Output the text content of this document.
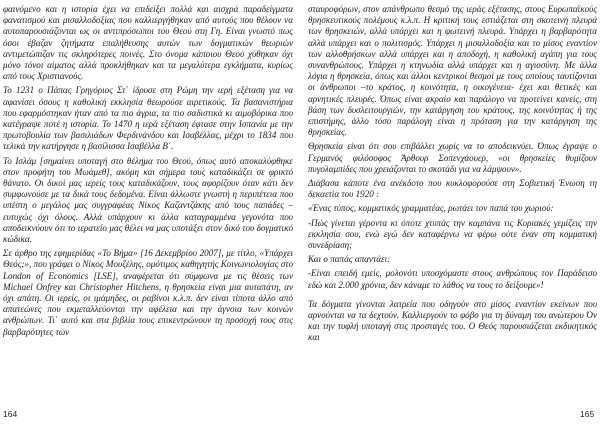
φαινόμενο και η ιστορία έχει να επιδείξει πολλά και αισχρά παραδείγματα φανατισμού και μισαλλοδοξίας που καλλιεργήθηκαν από αυτούς που θέλουν να αυτοπαρουσιάζονται ως οι αντιπρόσωποι του Θεού στη Γη. Είναι γνωστό πως όσοι έβαζαν ζητήματα επαλήθευσης αυτών των δογματικών θεωριών αντιμετώπιζαν τις σκληρότερες ποινές. Στο όνομα κάποιου Θεού χύθηκαν όχι μόνο τόνοι αίματος αλλά προκλήθηκαν και τα μεγαλύτερα εγκλήματα, κυρίως από τους Χριστιανούς.

Το 1231 ο Πάπας Γρηγόριος Στ΄ ίδρυσε στη Ρώμη την ιερή εξέταση για να αφανίσει όσους η καθολική εκκλησία θεωρούσε αιρετικούς. Τα βασανιστήρια που εφαρμόστηκαν ήταν από τα πιο άγρια, τα πιο σαδιστικά κι αιμοβόρικα που κατέγραψε ποτέ η ιστορία. Το 1470 η ιερά εξέταση έφτασε στην Ισπανία με την πρωτοβουλία των βασιλιάδων Φερδινάνδου και Ισαβέλλας, μέχρι το 1834 που τελικά την κατήργησε η βασίλισσα Ισαβέλλα Β΄.

Το Ισλάμ [σημαίνει υποταγή στο θέλημα του Θεού, όπως αυτό αποκαλύφθηκε στον προφήτη του Μωάμεθ], ακόμη και σήμερα τους καταδικάζει σε φρικτό θάνατο. Οι δικοί μας ιερείς τους καταδικάζουν, τους αφορίζουν όταν κάτι δεν συμφωνούσε με τα δικά τους δεδομένα. Είναι άλλωστε γνωστή η περιπέτεια που υπέστη ο μεγάλος μας συγγραφέας Νίκος Καζαντζάκης από τους παπάδες –ευτυχώς όχι όλους. Αλλά υπάρχουν κι άλλα καταγραμμένα γεγονότα που αποδεικνύουν ότι το ιερατείο μας θέλει να μας υποτάξει στον δικό του δογματικό κώδικα.

Σε άρθρο της εφημερίδας «Το Βήμα» [16 Δεκεμβρίου 2007], με τίτλο, «Υπάρχει Θεός;», που γράφει ο Νίκος Μουζέλης, ομότιμος καθηγητής Κοινωνιολογίας στο London of Economics [LSE], αναφέρεται ότι σύμφωνα με τις θέσεις των Michael Onfrey και Christopher Hitchens, η θρησκεία είναι μια αυταπάτη, αν όχι απάτη. Οι ιερείς, οι ιμάμηδες, οι ραβίνοι κ.λ.π. δεν είναι τίποτα άλλο από απατεώνες που εκμεταλλεύονται την αφέλεια και την άγνοια των κοινών ανθρώπων. Τι΄ αυτό και στα βιβλία τους επικεντρώνουν τη προσοχή τους στις βαρβαρότητες των

164

σταυροφόρων, στον απάνθρωπο θεσμό της ιεράς εξέτασης, στους Ευρωπαϊκούς θρησκευτικούς πολέμους κ.λ.π. Η κριτική τους εστιάζεται στη σκοτεινή πλευρά των θρησκειών, αλλά υπάρχει και η φωτεινή πλευρά. Υπάρχει η βαρβαρότητα αλλά υπάρχει και ο πολιτισμός. Υπάρχει η μισαλλοδοξία και το μίσος εναντίον των αλλοθρήσκων αλλά υπάρχει και η αποδοχή, η καθολική αγάπη για τους συνανθρώπους. Υπάρχει η κτηνωδία αλλά υπάρχει και η αγιοσύνη. Με άλλα λόγια η θρησκεία, όπως και άλλοι κεντρικοί θεσμοί με τους οποίους ταυτίζονται οι άνθρωποι –το κράτος, η κοινότητα, η οικογένεια- έχει και θετικές και αρνητικές πλευρές. Όπως είναι ακραίο και παράλογο να προτείνει κανείς, στη βάση των δυσλειτουργιών, την κατάργηση του κράτους, της κοινότητας ή της επιστήμης, άλλο τόσο παράλογη είναι η πρόταση για την κατάργηση της θρησκείας.

Θρησκεία είναι ότι σου επιβάλλει χωρίς να το αποδεικνύει. Όπως έγραψε ο Γερμανός φιλόσοφος Άρθουρ Σοπενχάουερ, «οι θρησκείες θυμίζουν πυγολαμπίδες που χρειάζονται το σκοτάδι για να λάμψουν».

Διάβασα κάποτε ένα ανέκδοτο που κυκλοφορούσε στη Σοβιετική Ένωση τη δεκαετία του 1920 :

«Ένας τύπος, κομματικός γραμματέας, ρωτάει τον παπά του χωριού:

-Πώς γίνεται γέροντα κι όποτε χτυπάς την καμπάνα τις Κυριακές γεμίζεις την εκκλησία σου, ενώ εγώ δεν καταφέρνω να φέρω ούτε έναν στη κομματική συνεδρίαση;

Και ο παπάς απαντάει:

-Είναι επειδή εμείς, μολονότι υποσχόμαστε στους ανθρώπους τον Παράδεισο εδώ και 2.000 χρόνια, δεν κάναμε το λάθος να τους το δείξουμε»!

Τα δόγματα γίνονται λατρεία που οδηγούν στο μίσος εναντίον εκείνων που αρνούνται να τα δεχτούν. Καλλιεργούν το φόβο για τη δύναμη του ανώτερου Όν και την τυφλή υποταγή στις προσταγές του. Ο Θεός παρουσιάζεται εκδικητικός και

165
